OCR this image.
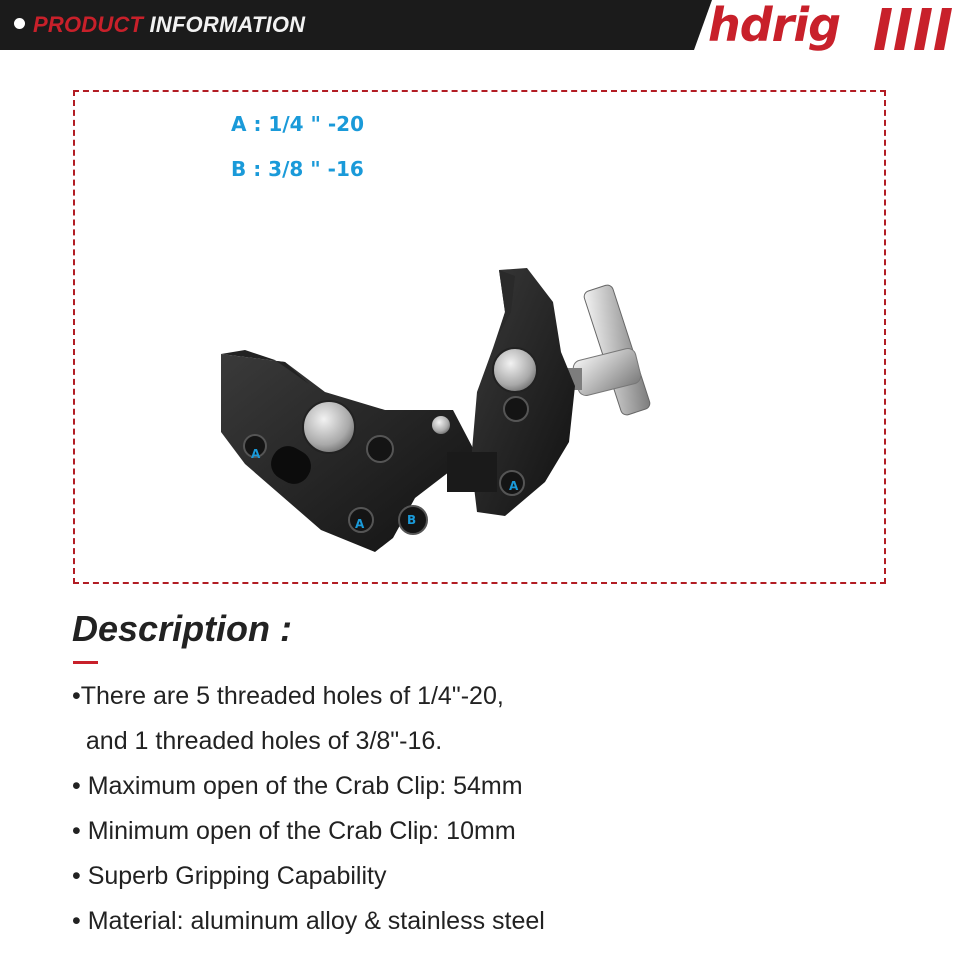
PRODUCT INFORMATION	hdrig
A : 1/4 " -20
B : 3/8 " -16
A
A	B
A
Description :
•There are 5 threaded holes of 1/4"-20,
and 1 threaded holes of 3/8"-16.
• Maximum open of the Crab Clip: 54mm
• Minimum open of the Crab Clip: 10mm
• Superb Gripping Capability
• Material: aluminum alloy & stainless steel
